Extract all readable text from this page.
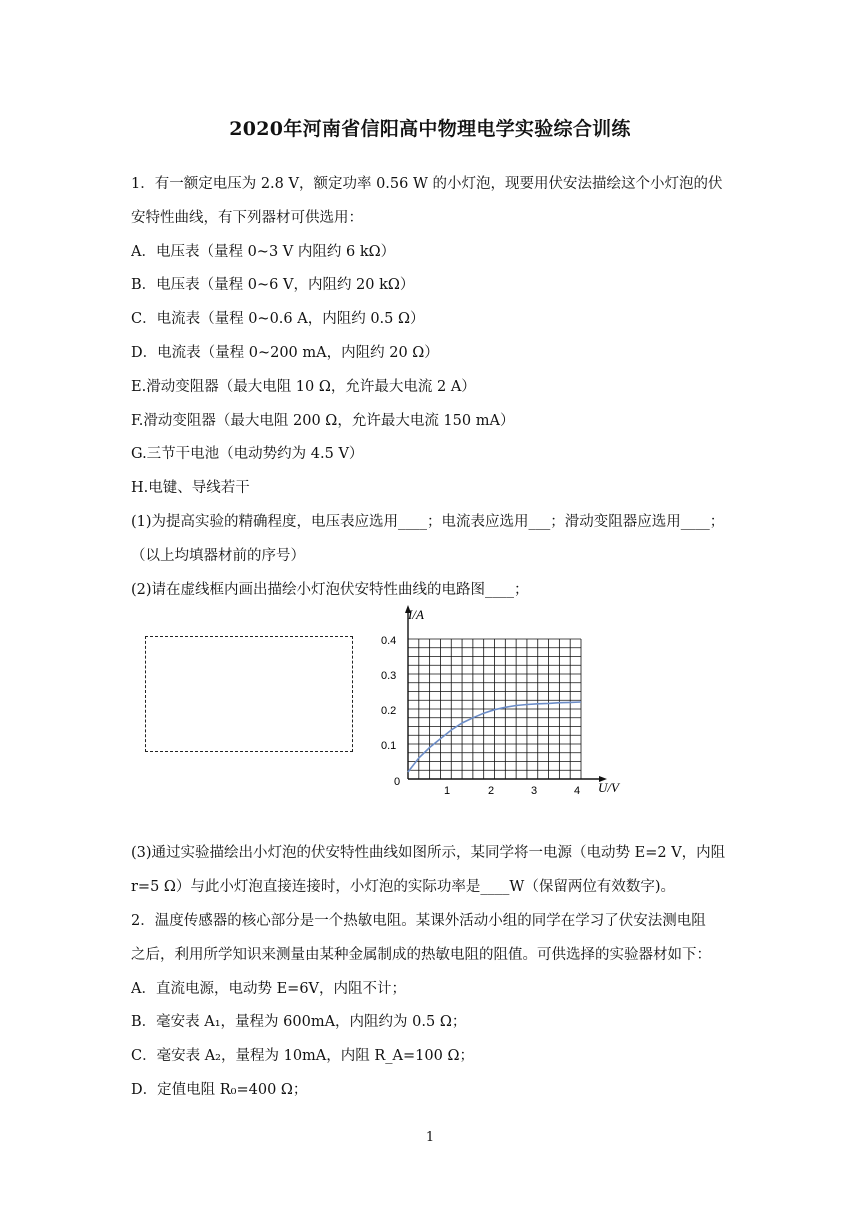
2020年河南省信阳高中物理电学实验综合训练
1．有一额定电压为 2.8 V，额定功率 0.56 W 的小灯泡，现要用伏安法描绘这个小灯泡的伏
安特性曲线，有下列器材可供选用：
A．电压表（量程 0~3 V 内阻约 6 kΩ）
B．电压表（量程 0~6 V，内阻约 20 kΩ）
C．电流表（量程 0~0.6 A，内阻约 0.5 Ω）
D．电流表（量程 0~200 mA，内阻约 20 Ω）
E.滑动变阻器（最大电阻 10 Ω，允许最大电流 2 A）
F.滑动变阻器（最大电阻 200 Ω，允许最大电流 150 mA）
G.三节干电池（电动势约为 4.5 V）
H.电键、导线若干
(1)为提高实验的精确程度，电压表应选用____；电流表应选用___；滑动变阻器应选用____；
（以上均填器材前的序号）
(2)请在虚线框内画出描绘小灯泡伏安特性曲线的电路图____；
I/A
U/V
0
0.1
0.2
0.3
0.4
1	2	3	4
(3)通过实验描绘出小灯泡的伏安特性曲线如图所示，某同学将一电源（电动势 E=2 V，内阻
r=5 Ω）与此小灯泡直接连接时，小灯泡的实际功率是____W（保留两位有效数字)。
2．温度传感器的核心部分是一个热敏电阻。某课外活动小组的同学在学习了伏安法测电阻
之后，利用所学知识来测量由某种金属制成的热敏电阻的阻值。可供选择的实验器材如下：
A．直流电源，电动势 E=6V，内阻不计；
B．毫安表 A₁，量程为 600mA，内阻约为 0.5 Ω；
C．毫安表 A₂，量程为 10mA，内阻 R_A=100 Ω；
D．定值电阻 R₀=400 Ω；
1
